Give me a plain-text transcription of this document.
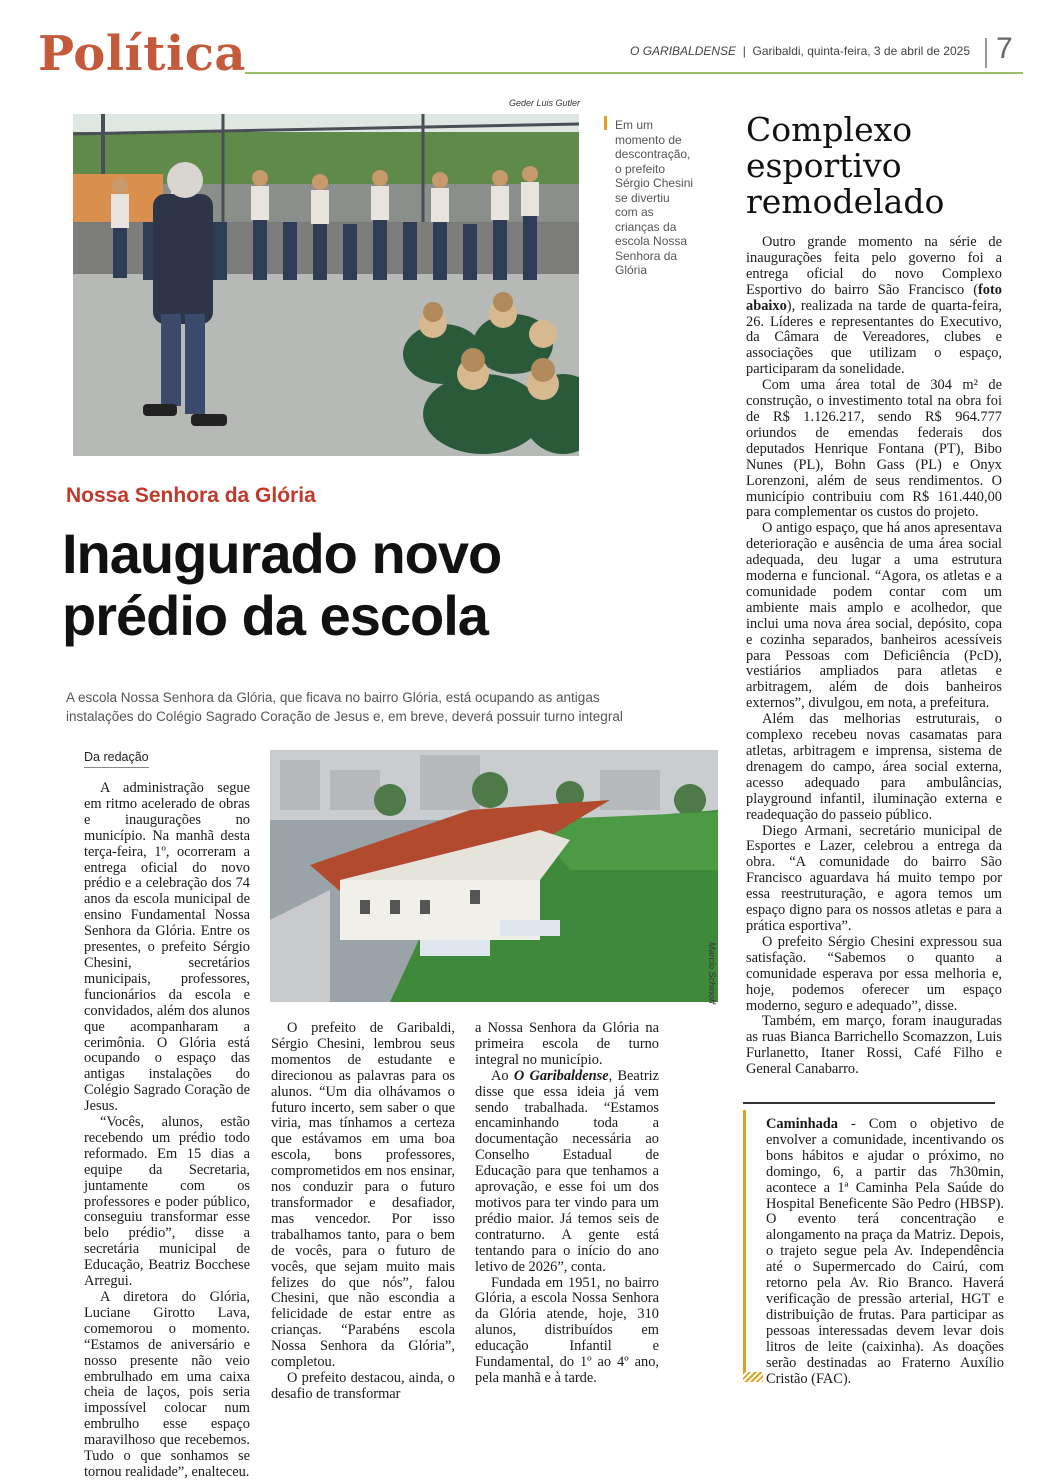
Política	O GARIBALDENSE  |  Garibaldi, quinta-feira, 3 de abril de 2025 7
Geder Luis Gutler
Em um momento de descontração, o prefeito Sérgio Chesini se divertiu com as crianças da escola Nossa Senhora da Glória
Nossa Senhora da Glória
Inaugurado novo prédio da escola
A escola Nossa Senhora da Glória, que ficava no bairro Glória, está ocupando as antigas instalações do Colégio Sagrado Coração de Jesus e, em breve, deverá possuir turno integral
Da redação

A administração segue em ritmo acelerado de obras e inaugurações no município. Na manhã desta terça-feira, 1º, ocorreram a entrega oficial do novo prédio e a celebração dos 74 anos da escola municipal de ensino Fundamental Nossa Senhora da Glória. Entre os presentes, o prefeito Sérgio Chesini, secretários municipais, professores, funcionários da escola e convidados, além dos alunos que acompanharam a cerimônia. O Glória está ocupando o espaço das antigas instalações do Colégio Sagrado Coração de Jesus.

“Vocês, alunos, estão recebendo um prédio todo reformado. Em 15 dias a equipe da Secretaria, juntamente com os professores e poder público, conseguiu transformar esse belo prédio”, disse a secretária municipal de Educação, Beatriz Bocchese Arregui.

A diretora do Glória, Luciane Girotto Lava, comemorou o momento. “Estamos de aniversário e nosso presente não veio embrulhado em uma caixa cheia de laços, pois seria impossível colocar num embrulho esse espaço maravilhoso que recebemos. Tudo o que sonhamos se tornou realidade”, enalteceu.

Marcio Schinoff

O prefeito de Garibaldi, Sérgio Chesini, lembrou seus momentos de estudante e direcionou as palavras para os alunos. “Um dia olhávamos o futuro incerto, sem saber o que viria, mas tínhamos a certeza que estávamos em uma boa escola, bons professores, comprometidos em nos ensinar, nos conduzir para o futuro transformador e desafiador, mas vencedor. Por isso trabalhamos tanto, para o bem de vocês, para o futuro de vocês, que sejam muito mais felizes do que nós”, falou Chesini, que não escondia a felicidade de estar entre as crianças. “Parabéns escola Nossa Senhora da Glória”, completou.

O prefeito destacou, ainda, o desafio de transformar

a Nossa Senhora da Glória na primeira escola de turno integral no município.

Ao O Garibaldense, Beatriz disse que essa ideia já vem sendo trabalhada. “Estamos encaminhando toda a documentação necessária ao Conselho Estadual de Educação para que tenhamos a aprovação, e esse foi um dos motivos para ter vindo para um prédio maior. Já temos seis de contraturno. A gente está tentando para o início do ano letivo de 2026”, conta.

Fundada em 1951, no bairro Glória, a escola Nossa Senhora da Glória atende, hoje, 310 alunos, distribuídos em educação Infantil e Fundamental, do 1º ao 4º ano, pela manhã e à tarde.

Complexo esportivo remodelado

Outro grande momento na série de inaugurações feita pelo governo foi a entrega oficial do novo Complexo Esportivo do bairro São Francisco (foto abaixo), realizada na tarde de quarta-feira, 26. Líderes e representantes do Executivo, da Câmara de Vereadores, clubes e associações que utilizam o espaço, participaram da sonelidade.

Com uma área total de 304 m² de construção, o investimento total na obra foi de R$ 1.126.217, sendo R$ 964.777 oriundos de emendas federais dos deputados Henrique Fontana (PT), Bibo Nunes (PL), Bohn Gass (PL) e Onyx Lorenzoni, além de seus rendimentos. O município contribuiu com R$ 161.440,00 para complementar os custos do projeto.

O antigo espaço, que há anos apresentava deterioração e ausência de uma área social adequada, deu lugar a uma estrutura moderna e funcional. “Agora, os atletas e a comunidade podem contar com um ambiente mais amplo e acolhedor, que inclui uma nova área social, depósito, copa e cozinha separados, banheiros acessíveis para Pessoas com Deficiência (PcD), vestiários ampliados para atletas e arbitragem, além de dois banheiros externos”, divulgou, em nota, a prefeitura.

Além das melhorias estruturais, o complexo recebeu novas casamatas para atletas, arbitragem e imprensa, sistema de drenagem do campo, área social externa, acesso adequado para ambulâncias, playground infantil, iluminação externa e readequação do passeio público.

Diego Armani, secretário municipal de Esportes e Lazer, celebrou a entrega da obra. “A comunidade do bairro São Francisco aguardava há muito tempo por essa reestruturação, e agora temos um espaço digno para os nossos atletas e para a prática esportiva”.

O prefeito Sérgio Chesini expressou sua satisfação. “Sabemos o quanto a comunidade esperava por essa melhoria e, hoje, podemos oferecer um espaço moderno, seguro e adequado”, disse.

Também, em março, foram inauguradas as ruas Bianca Barrichello Scomazzon, Luis Furlanetto, Itaner Rossi, Café Filho e General Canabarro.

Caminhada - Com o objetivo de envolver a comunidade, incentivando os bons hábitos e ajudar o próximo, no domingo, 6, a partir das 7h30min, acontece a 1ª Caminha Pela Saúde do Hospital Beneficente São Pedro (HBSP). O evento terá concentração e alongamento na praça da Matriz. Depois, o trajeto segue pela Av. Independência até o Supermercado do Cairú, com retorno pela Av. Rio Branco. Haverá verificação de pressão arterial, HGT e distribuição de frutas. Para participar as pessoas interessadas devem levar dois litros de leite (caixinha). As doações serão destinadas ao Fraterno Auxílio Cristão (FAC).
